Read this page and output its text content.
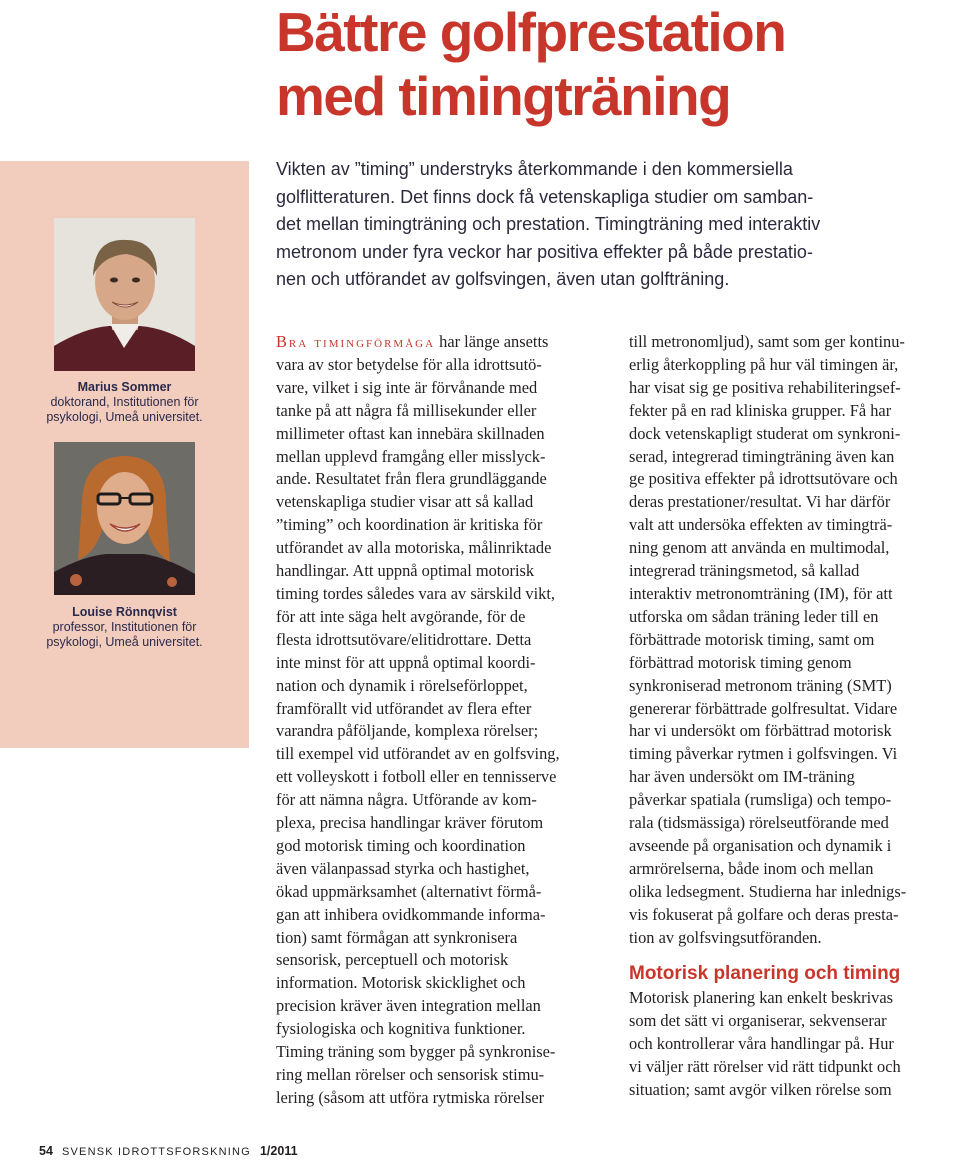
Bättre golfprestation
med timingträning
Marius Sommer
doktorand, Institutionen för
psykologi, Umeå universitet.
Louise Rönnqvist
professor, Institutionen för
psykologi, Umeå universitet.
Vikten av ”timing” understryks återkommande i den kommersiella
golflitteraturen. Det finns dock få vetenskapliga studier om samban-
det mellan timingträning och prestation. Timingträning med interaktiv
metronom under fyra veckor har positiva effekter på både prestatio-
nen och utförandet av golfsvingen, även utan golfträning.
Bra timingförmåga har länge ansetts
vara av stor betydelse för alla idrottsutö-
vare, vilket i sig inte är förvånande med
tanke på att några få millisekunder eller
millimeter oftast kan innebära skillnaden
mellan upplevd framgång eller misslyck-
ande. Resultatet från flera grundläggande
vetenskapliga studier visar att så kallad
”timing” och koordination är kritiska för
utförandet av alla motoriska, målinriktade
handlingar. Att uppnå optimal motorisk
timing tordes således vara av särskild vikt,
för att inte säga helt avgörande, för de
flesta idrottsutövare/elitidrottare. Detta
inte minst för att uppnå optimal koordi-
nation och dynamik i rörelseförloppet,
framförallt vid utförandet av flera efter
varandra påföljande, komplexa rörelser;
till exempel vid utförandet av en golfsving,
ett volleyskott i fotboll eller en tennisserve
för att nämna några. Utförande av kom-
plexa, precisa handlingar kräver förutom
god motorisk timing och koordination
även välanpassad styrka och hastighet,
ökad uppmärksamhet (alternativt förmå-
gan att inhibera ovidkommande informa-
tion) samt förmågan att synkronisera
sensorisk, perceptuell och motorisk
information. Motorisk skicklighet och
precision kräver även integration mellan
fysiologiska och kognitiva funktioner.
Timing träning som bygger på synkronise-
ring mellan rörelser och sensorisk stimu-
lering (såsom att utföra rytmiska rörelser
till metronomljud), samt som ger kontinu-
erlig återkoppling på hur väl timingen är,
har visat sig ge positiva rehabiliteringsef-
fekter på en rad kliniska grupper. Få har
dock vetenskapligt studerat om synkroni-
serad, integrerad timingträning även kan
ge positiva effekter på idrottsutövare och
deras prestationer/resultat. Vi har därför
valt att undersöka effekten av timingträ-
ning genom att använda en multimodal,
integrerad träningsmetod, så kallad
interaktiv metronomträning (IM), för att
utforska om sådan träning leder till en
förbättrade motorisk timing, samt om
förbättrad motorisk timing genom
synkroniserad metronom träning (SMT)
genererar förbättrade golfresultat. Vidare
har vi undersökt om förbättrad motorisk
timing påverkar rytmen i golfsvingen. Vi
har även undersökt om IM-träning
påverkar spatiala (rumsliga) och tempo-
rala (tidsmässiga) rörelseutförande med
avseende på organisation och dynamik i
armrörelserna, både inom och mellan
olika ledsegment. Studierna har inlednigs-
vis fokuserat på golfare och deras presta-
tion av golfsvingsutföranden.
Motorisk planering och timing
Motorisk planering kan enkelt beskrivas
som det sätt vi organiserar, sekvenserar
och kontrollerar våra handlingar på. Hur
vi väljer rätt rörelser vid rätt tidpunkt och
situation; samt avgör vilken rörelse som
54 SVENSK IDROTTSFORSKNING 1/2011
